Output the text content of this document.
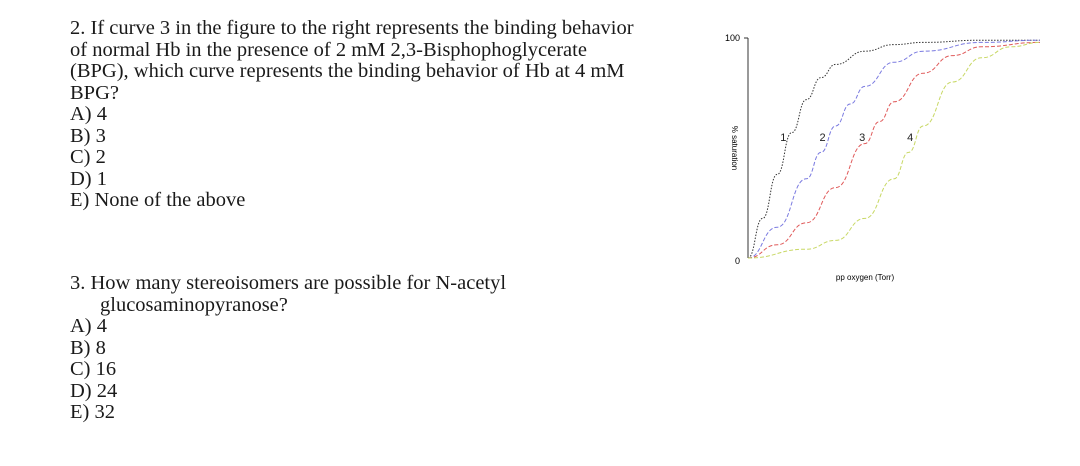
2. If curve 3 in the figure to the right represents the binding behavior

of normal Hb in the presence of 2 mM 2,3-Bisphophoglycerate

(BPG), which curve represents the binding behavior of Hb at 4 mM

BPG?

A) 4

B) 3

C) 2

D) 1

E) None of the above

3. How many stereoisomers are possible for N-acetyl

glucosaminopyranose?

A) 4

B) 8

C) 16

D) 24

E) 32

100
0
% saturation
pp oxygen (Torr)
1	2	3	4
